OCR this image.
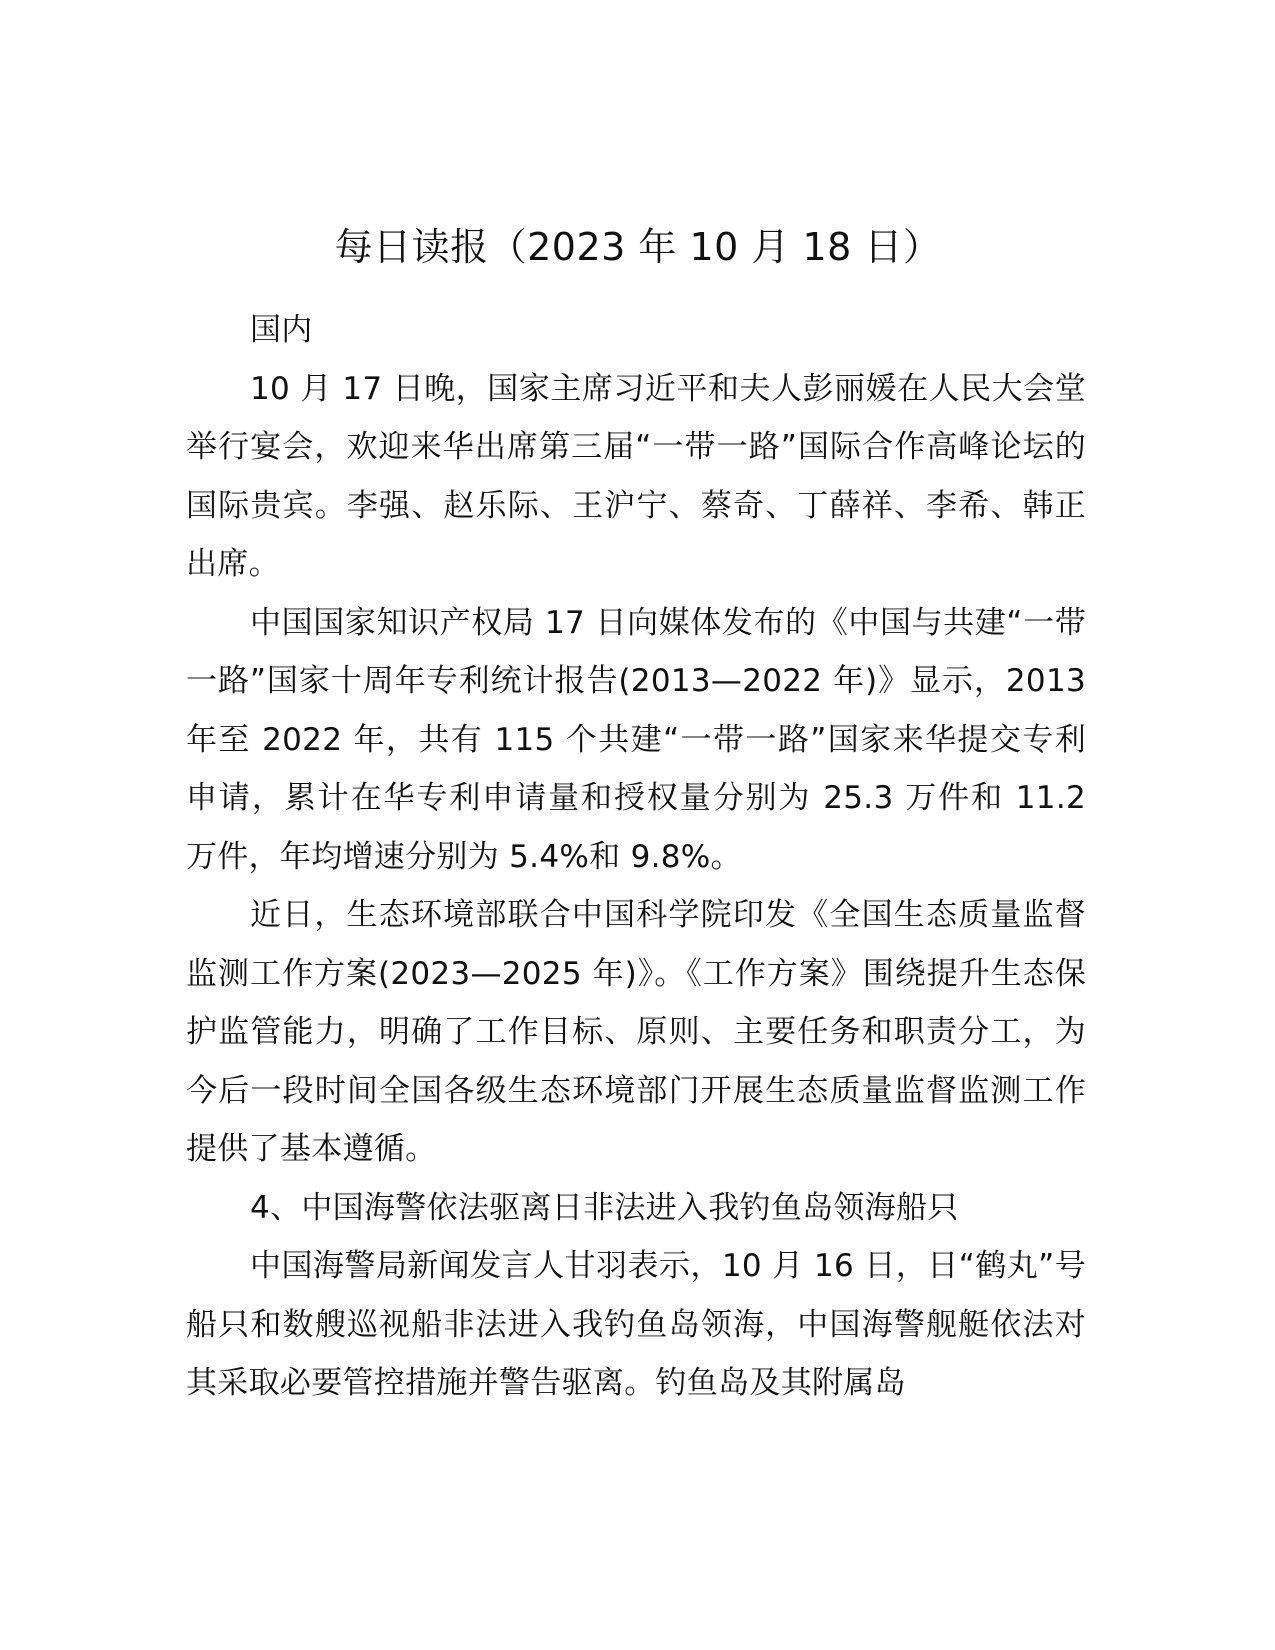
每日读报（2023 年 10 月 18 日）

国内

10 月 17 日晚，国家主席习近平和夫人彭丽媛在人民大会堂举行宴会，欢迎来华出席第三届“一带一路”国际合作高峰论坛的国际贵宾。李强、赵乐际、王沪宁、蔡奇、丁薛祥、李希、韩正出席。

中国国家知识产权局 17 日向媒体发布的《中国与共建“一带一路”国家十周年专利统计报告(2013—2022 年)》显示，2013 年至 2022 年，共有 115 个共建“一带一路”国家来华提交专利申请，累计在华专利申请量和授权量分别为 25.3 万件和 11.2 万件，年均增速分别为 5.4%和 9.8%。

近日，生态环境部联合中国科学院印发《全国生态质量监督监测工作方案(2023—2025 年)》。《工作方案》围绕提升生态保护监管能力，明确了工作目标、原则、主要任务和职责分工，为今后一段时间全国各级生态环境部门开展生态质量监督监测工作提供了基本遵循。

4、中国海警依法驱离日非法进入我钓鱼岛领海船只

中国海警局新闻发言人甘羽表示，10 月 16 日，日“鹤丸”号船只和数艘巡视船非法进入我钓鱼岛领海，中国海警舰艇依法对其采取必要管控措施并警告驱离。钓鱼岛及其附属岛
